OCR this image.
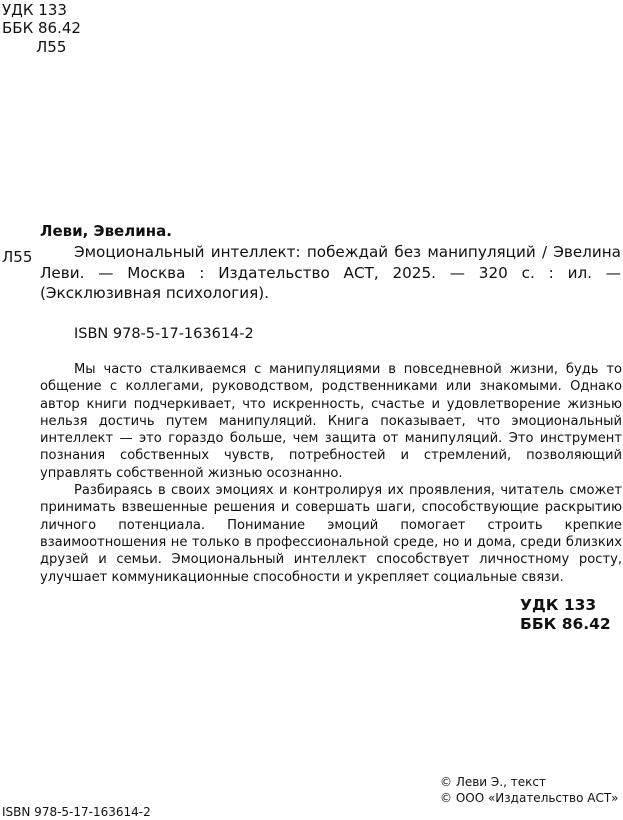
УДК 133
ББК 86.42
Л55
Леви, Эвелина.
Л55	Эмоциональный интеллект: побеждай без манипуляций / Эвелина Леви. — Москва : Издательство АСТ, 2025. — 320 с. : ил. — (Эксклюзивная психология).
ISBN 978-5-17-163614-2

Мы часто сталкиваемся с манипуляциями в повседневной жизни, будь то общение с коллегами, руководством, родственниками или знакомыми. Однако автор книги подчеркивает, что искренность, счастье и удовлетворение жизнью нельзя достичь путем манипуляций. Книга показывает, что эмоциональный интеллект — это гораздо больше, чем защита от манипуляций. Это инструмент познания собственных чувств, потребностей и стремлений, позволяющий управлять собственной жизнью осознанно.

Разбираясь в своих эмоциях и контролируя их проявления, читатель сможет принимать взвешенные решения и совершать шаги, способствующие раскрытию личного потенциала. Понимание эмоций помогает строить крепкие взаимоотношения не только в профессиональной среде, но и дома, среди близких друзей и семьи. Эмоциональный интеллект способствует личностному росту, улучшает коммуникационные способности и укрепляет социальные связи.

УДК 133
ББК 86.42
ISBN 978-5-17-163614-2
© Леви Э., текст
© ООО «Издательство АСТ»
